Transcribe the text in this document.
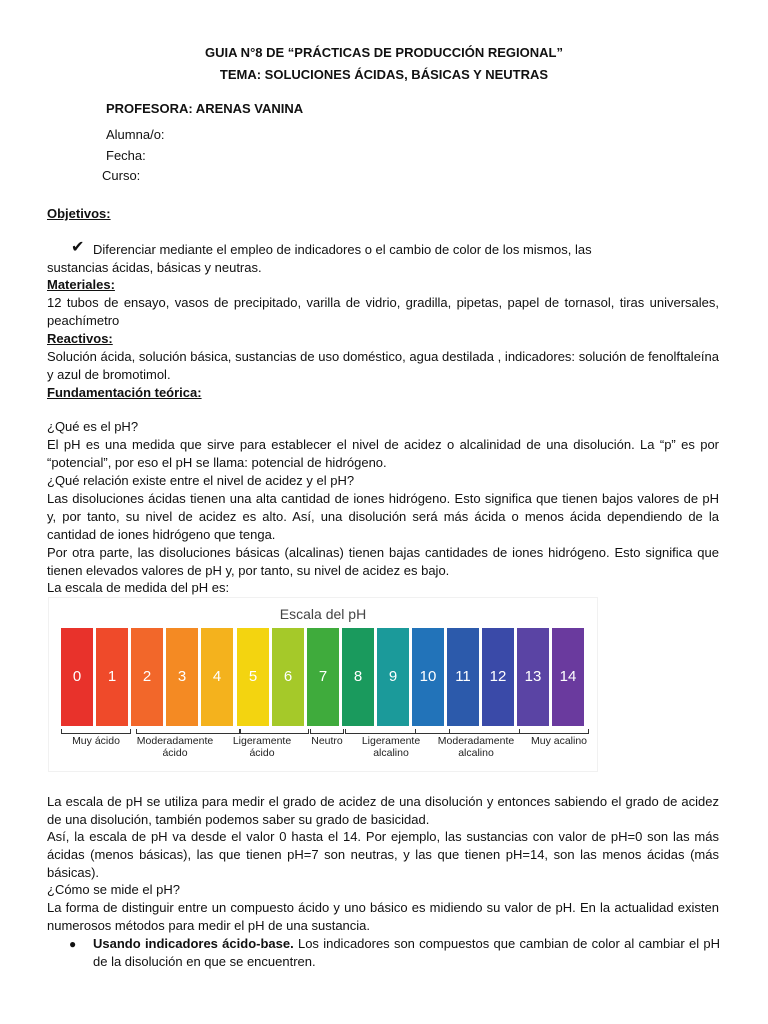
GUIA N°8 DE “PRÁCTICAS DE PRODUCCIÓN REGIONAL”
TEMA: SOLUCIONES ÁCIDAS, BÁSICAS Y NEUTRAS
PROFESORA: ARENAS VANINA
Alumna/o:
Fecha:
Curso:
Objetivos:
✔ Diferenciar mediante el empleo de indicadores o el cambio de color de los mismos, las
sustancias ácidas, básicas y neutras.
Materiales:

12 tubos de ensayo, vasos de precipitado, varilla de vidrio, gradilla, pipetas, papel de tornasol, tiras universales, peachímetro

Reactivos:

Solución ácida, solución básica, sustancias de uso doméstico, agua destilada , indicadores: solución de fenolftaleína y azul de bromotimol.

Fundamentación teórica:
¿Qué es el pH?

El pH es una medida que sirve para establecer el nivel de acidez o alcalinidad de una disolución. La “p” es por “potencial”, por eso el pH se llama: potencial de hidrógeno.

¿Qué relación existe entre el nivel de acidez y el pH?

Las disoluciones ácidas tienen una alta cantidad de iones hidrógeno. Esto significa que tienen bajos valores de pH y, por tanto, su nivel de acidez es alto. Así, una disolución será más ácida o menos ácida dependiendo de la cantidad de iones hidrógeno que tenga.

Por otra parte, las disoluciones básicas (alcalinas) tienen bajas cantidades de iones hidrógeno. Esto significa que tienen elevados valores de pH y, por tanto, su nivel de acidez es bajo.

La escala de medida del pH es:
Escala del pH
0	1	2	3	4	5	6	7	8	9	10	11	12	13	14
Muy ácido	Moderadamente ácido
Ligeramente ácido
Neutro	Ligeramente alcalino
Moderadamente alcalino
Muy acalino

La escala de pH se utiliza para medir el grado de acidez de una disolución y entonces sabiendo el grado de acidez de una disolución, también podemos saber su grado de basicidad.

Así, la escala de pH va desde el valor 0 hasta el 14. Por ejemplo, las sustancias con valor de pH=0 son las más ácidas (menos básicas), las que tienen pH=7 son neutras, y las que tienen pH=14, son las menos ácidas (más básicas).

¿Cómo se mide el pH?

La forma de distinguir entre un compuesto ácido y uno básico es midiendo su valor de pH. En la actualidad existen numerosos métodos para medir el pH de una sustancia.

● Usando indicadores ácido-base. Los indicadores son compuestos que cambian de color al cambiar el pH de la disolución en que se encuentren.
